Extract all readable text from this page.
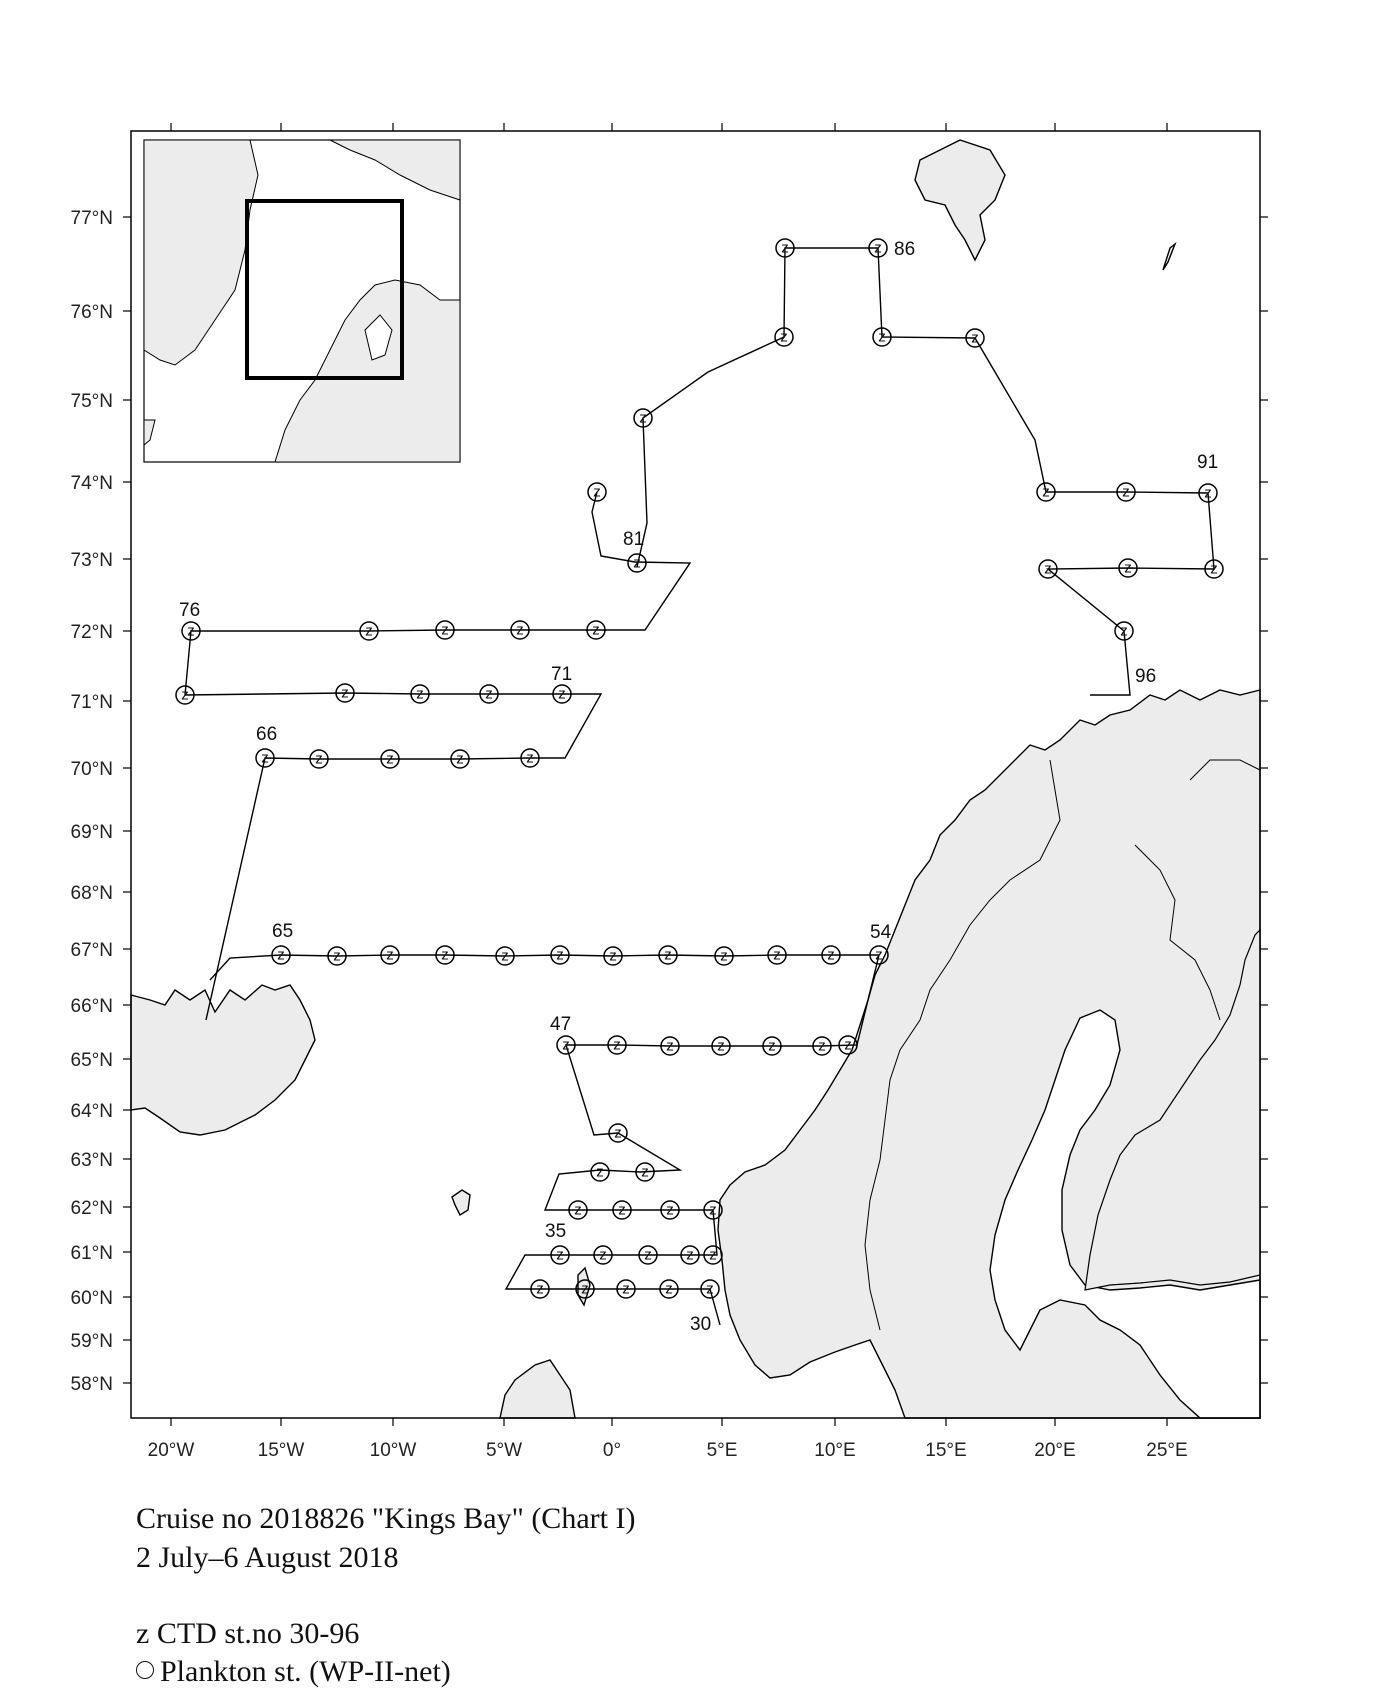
77°N
76°N
75°N
74°N
73°N
72°N
71°N
70°N
69°N
68°N
67°N
66°N
65°N
64°N
63°N
62°N
61°N
60°N
59°N
58°N
20°W	15°W	10°W	5°W	0°	5°E	10°E	15°E	20°E	25°E
86
91
81
76
71	96
66
65	54
47
35
30
z	z
z	z	z
z
z
z
z	z	z
z	z	z
z
z	z	z	z	z
z	z	z	z	z
z	z	z	z	z
z	z	z	z	z	z	z	z	z	z	z	z
z	z	z	z	z	z z
z
z	z
z z	z z
z z	z z z
z	z z z z
Cruise no 2018826 "Kings Bay" (Chart I)
2 July–6 August 2018
z CTD st.no 30-96
Plankton st. (WP-II-net)
